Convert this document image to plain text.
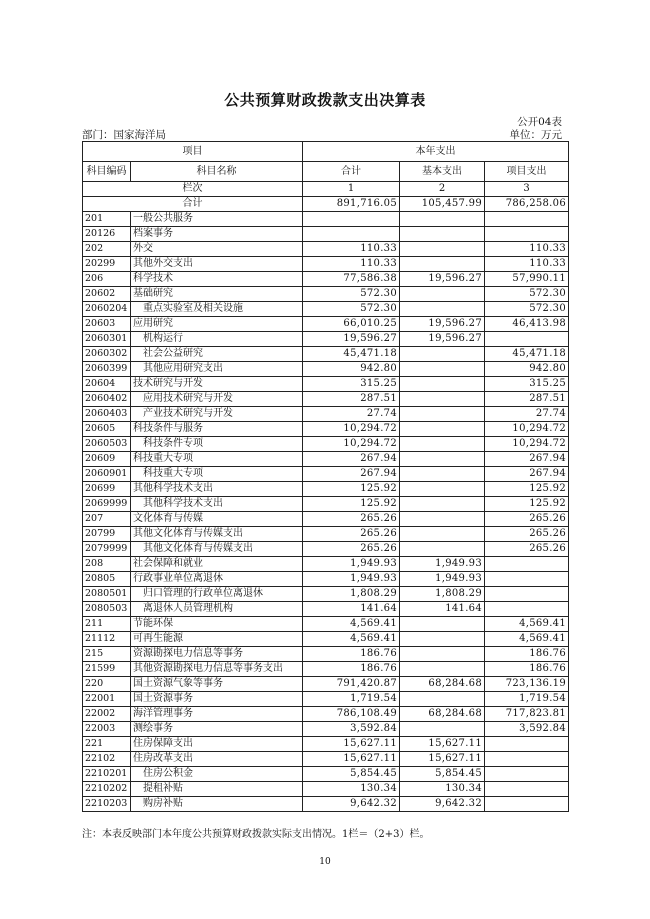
公共预算财政拨款支出决算表
公开04表
部门：国家海洋局	单位：万元
项目		本年支出		
科目编码	科目名称	合计	基本支出	项目支出
栏次		1	2	3
合计		891,716.05	105,457.99	786,258.06
201	一般公共服务			
20126	档案事务			
202	外交	110.33		110.33
20299	其他外交支出	110.33		110.33
206	科学技术	77,586.38	19,596.27	57,990.11
20602	基础研究	572.30		572.30
2060204	重点实验室及相关设施	572.30		572.30
20603	应用研究	66,010.25	19,596.27	46,413.98
2060301	机构运行	19,596.27	19,596.27	
2060302	社会公益研究	45,471.18		45,471.18
2060399	其他应用研究支出	942.80		942.80
20604	技术研究与开发	315.25		315.25
2060402	应用技术研究与开发	287.51		287.51
2060403	产业技术研究与开发	27.74		27.74
20605	科技条件与服务	10,294.72		10,294.72
2060503	科技条件专项	10,294.72		10,294.72
20609	科技重大专项	267.94		267.94
2060901	科技重大专项	267.94		267.94
20699	其他科学技术支出	125.92		125.92
2069999	其他科学技术支出	125.92		125.92
207	文化体育与传媒	265.26		265.26
20799	其他文化体育与传媒支出	265.26		265.26
2079999	其他文化体育与传媒支出	265.26		265.26
208	社会保障和就业	1,949.93	1,949.93	
20805	行政事业单位离退休	1,949.93	1,949.93	
2080501	归口管理的行政单位离退休	1,808.29	1,808.29	
2080503	离退休人员管理机构	141.64	141.64	
211	节能环保	4,569.41		4,569.41
21112	可再生能源	4,569.41		4,569.41
215	资源勘探电力信息等事务	186.76		186.76
21599	其他资源勘探电力信息等事务支出	186.76		186.76
220	国土资源气象等事务	791,420.87	68,284.68	723,136.19
22001	国土资源事务	1,719.54		1,719.54
22002	海洋管理事务	786,108.49	68,284.68	717,823.81
22003	测绘事务	3,592.84		3,592.84
221	住房保障支出	15,627.11	15,627.11	
22102	住房改革支出	15,627.11	15,627.11	
2210201	住房公积金	5,854.45	5,854.45	
2210202	提租补贴	130.34	130.34	
2210203	购房补贴	9,642.32	9,642.32	
注：本表反映部门本年度公共预算财政拨款实际支出情况。1栏＝（2+3）栏。
10
